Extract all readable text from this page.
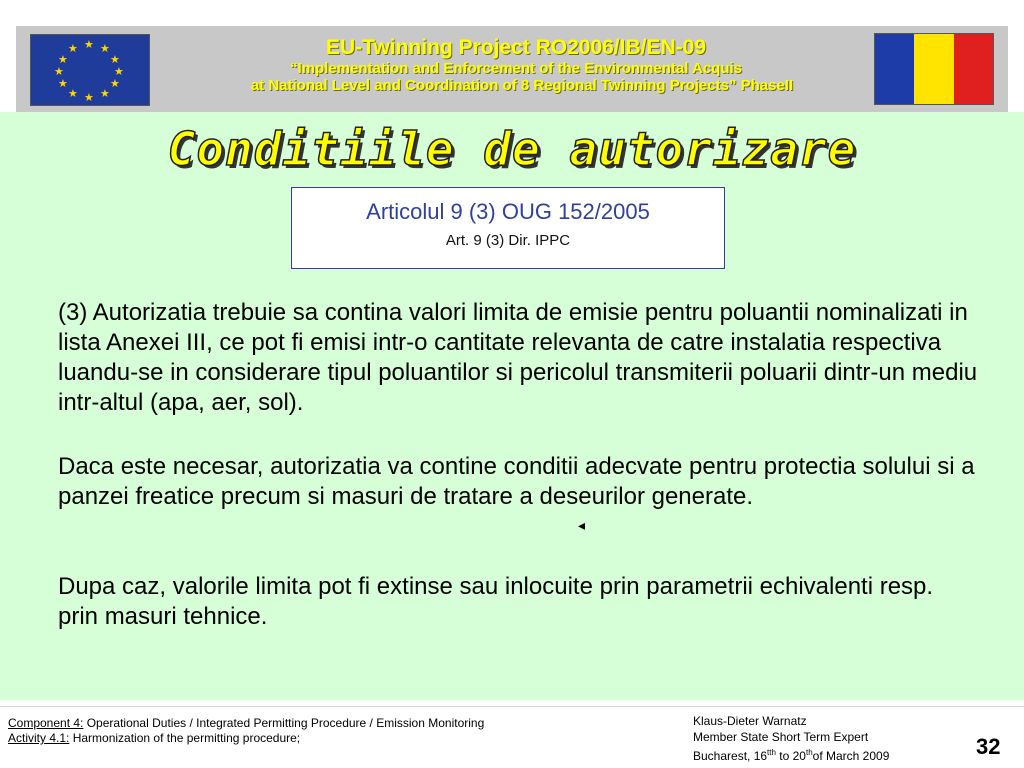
★ ★
★
★
★
★
★
★
★
★
★
★	EU-Twinning Project RO2006/IB/EN-09
“Implementation and Enforcement of the Environmental Acquis
at National Level and Coordination of 8 Regional Twinning Projects” PhaseII
Conditiile de autorizare
Articolul 9 (3) OUG 152/2005
Art. 9 (3) Dir. IPPC
(3) Autorizatia trebuie sa contina valori limita de emisie pentru poluantii nominalizati in lista Anexei III, ce pot fi emisi intr-o cantitate relevanta de catre instalatia respectiva luandu-se in considerare tipul poluantilor si pericolul transmiterii poluarii dintr-un mediu intr-altul (apa, aer, sol).
Daca este necesar, autorizatia va contine conditii adecvate pentru protectia solului si a panzei freatice precum si masuri de tratare a deseurilor generate.
Dupa caz, valorile limita pot fi extinse sau inlocuite prin parametrii echivalenti resp. prin masuri tehnice.
◂
Component 4: Operational Duties / Integrated Permitting Procedure / Emission Monitoring
Activity 4.1: Harmonization of the permitting procedure;
Klaus-Dieter Warnatz
Member State Short Term Expert
Bucharest, $16^{tth}$ to 20thof March 2009	32
